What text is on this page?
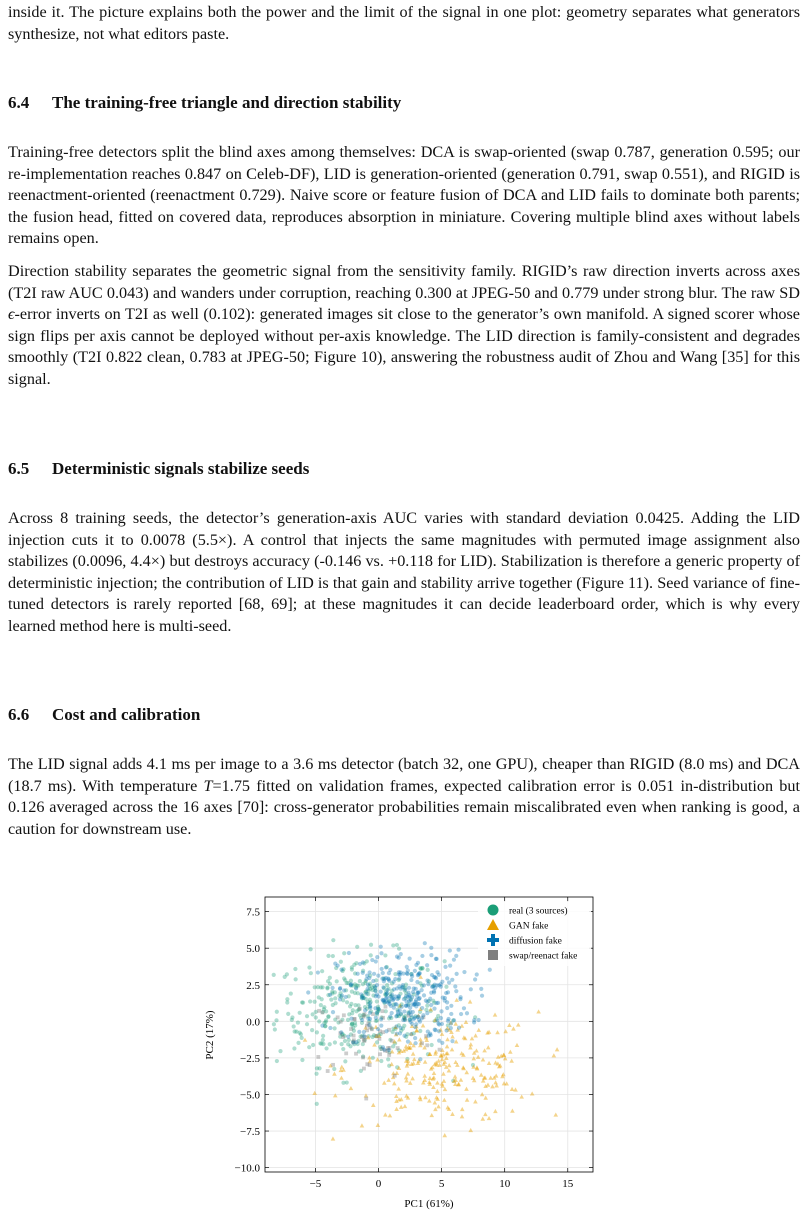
inside it. The picture explains both the power and the limit of the signal in one plot: geometry separates what generators synthesize, not what editors paste.

6.4 The training-free triangle and direction stability

Training-free detectors split the blind axes among themselves: DCA is swap-oriented (swap 0.787, generation 0.595; our re-implementation reaches 0.847 on Celeb-DF), LID is generation-oriented (generation 0.791, swap 0.551), and RIGID is reenactment-oriented (reenactment 0.729). Naive score or feature fusion of DCA and LID fails to dominate both parents; the fusion head, fitted on covered data, reproduces absorption in miniature. Covering multiple blind axes without labels remains open.

Direction stability separates the geometric signal from the sensitivity family. RIGID’s raw direction inverts across axes (T2I raw AUC 0.043) and wanders under corruption, reaching 0.300 at JPEG-50 and 0.779 under strong blur. The raw SD ϵ-error inverts on T2I as well (0.102): generated images sit close to the generator’s own manifold. A signed scorer whose sign flips per axis cannot be deployed without per-axis knowledge. The LID direction is family-consistent and degrades smoothly (T2I 0.822 clean, 0.783 at JPEG-50; Figure 10), answering the robustness audit of Zhou and Wang [35] for this signal.

6.5 Deterministic signals stabilize seeds

Across 8 training seeds, the detector’s generation-axis AUC varies with standard deviation 0.0425. Adding the LID injection cuts it to 0.0078 (5.5×). A control that injects the same magnitudes with permuted image assignment also stabilizes (0.0096, 4.4×) but destroys accuracy (-0.146 vs. +0.118 for LID). Stabilization is therefore a generic property of deterministic injection; the contribution of LID is that gain and stability arrive together (Figure 11). Seed variance of fine-tuned detectors is rarely reported [68, 69]; at these magnitudes it can decide leaderboard order, which is why every learned method here is multi-seed.

6.6 Cost and calibration

The LID signal adds 4.1 ms per image to a 3.6 ms detector (batch 32, one GPU), cheaper than RIGID (8.0 ms) and DCA (18.7 ms). With temperature T=1.75 fitted on validation frames, expected calibration error is 0.051 in-distribution but 0.126 averaged across the 16 axes [70]: cross-generator probabilities remain miscalibrated even when ranking is good, a caution for downstream use.

−5	0	5	10	15
7.5
5.0
2.5
0.0
−2.5
−5.0
−7.5
−10.0
real (3 sources)
GAN fake
diffusion fake
swap/reenact fake
PC1 (61%)
PC2 (17%)
